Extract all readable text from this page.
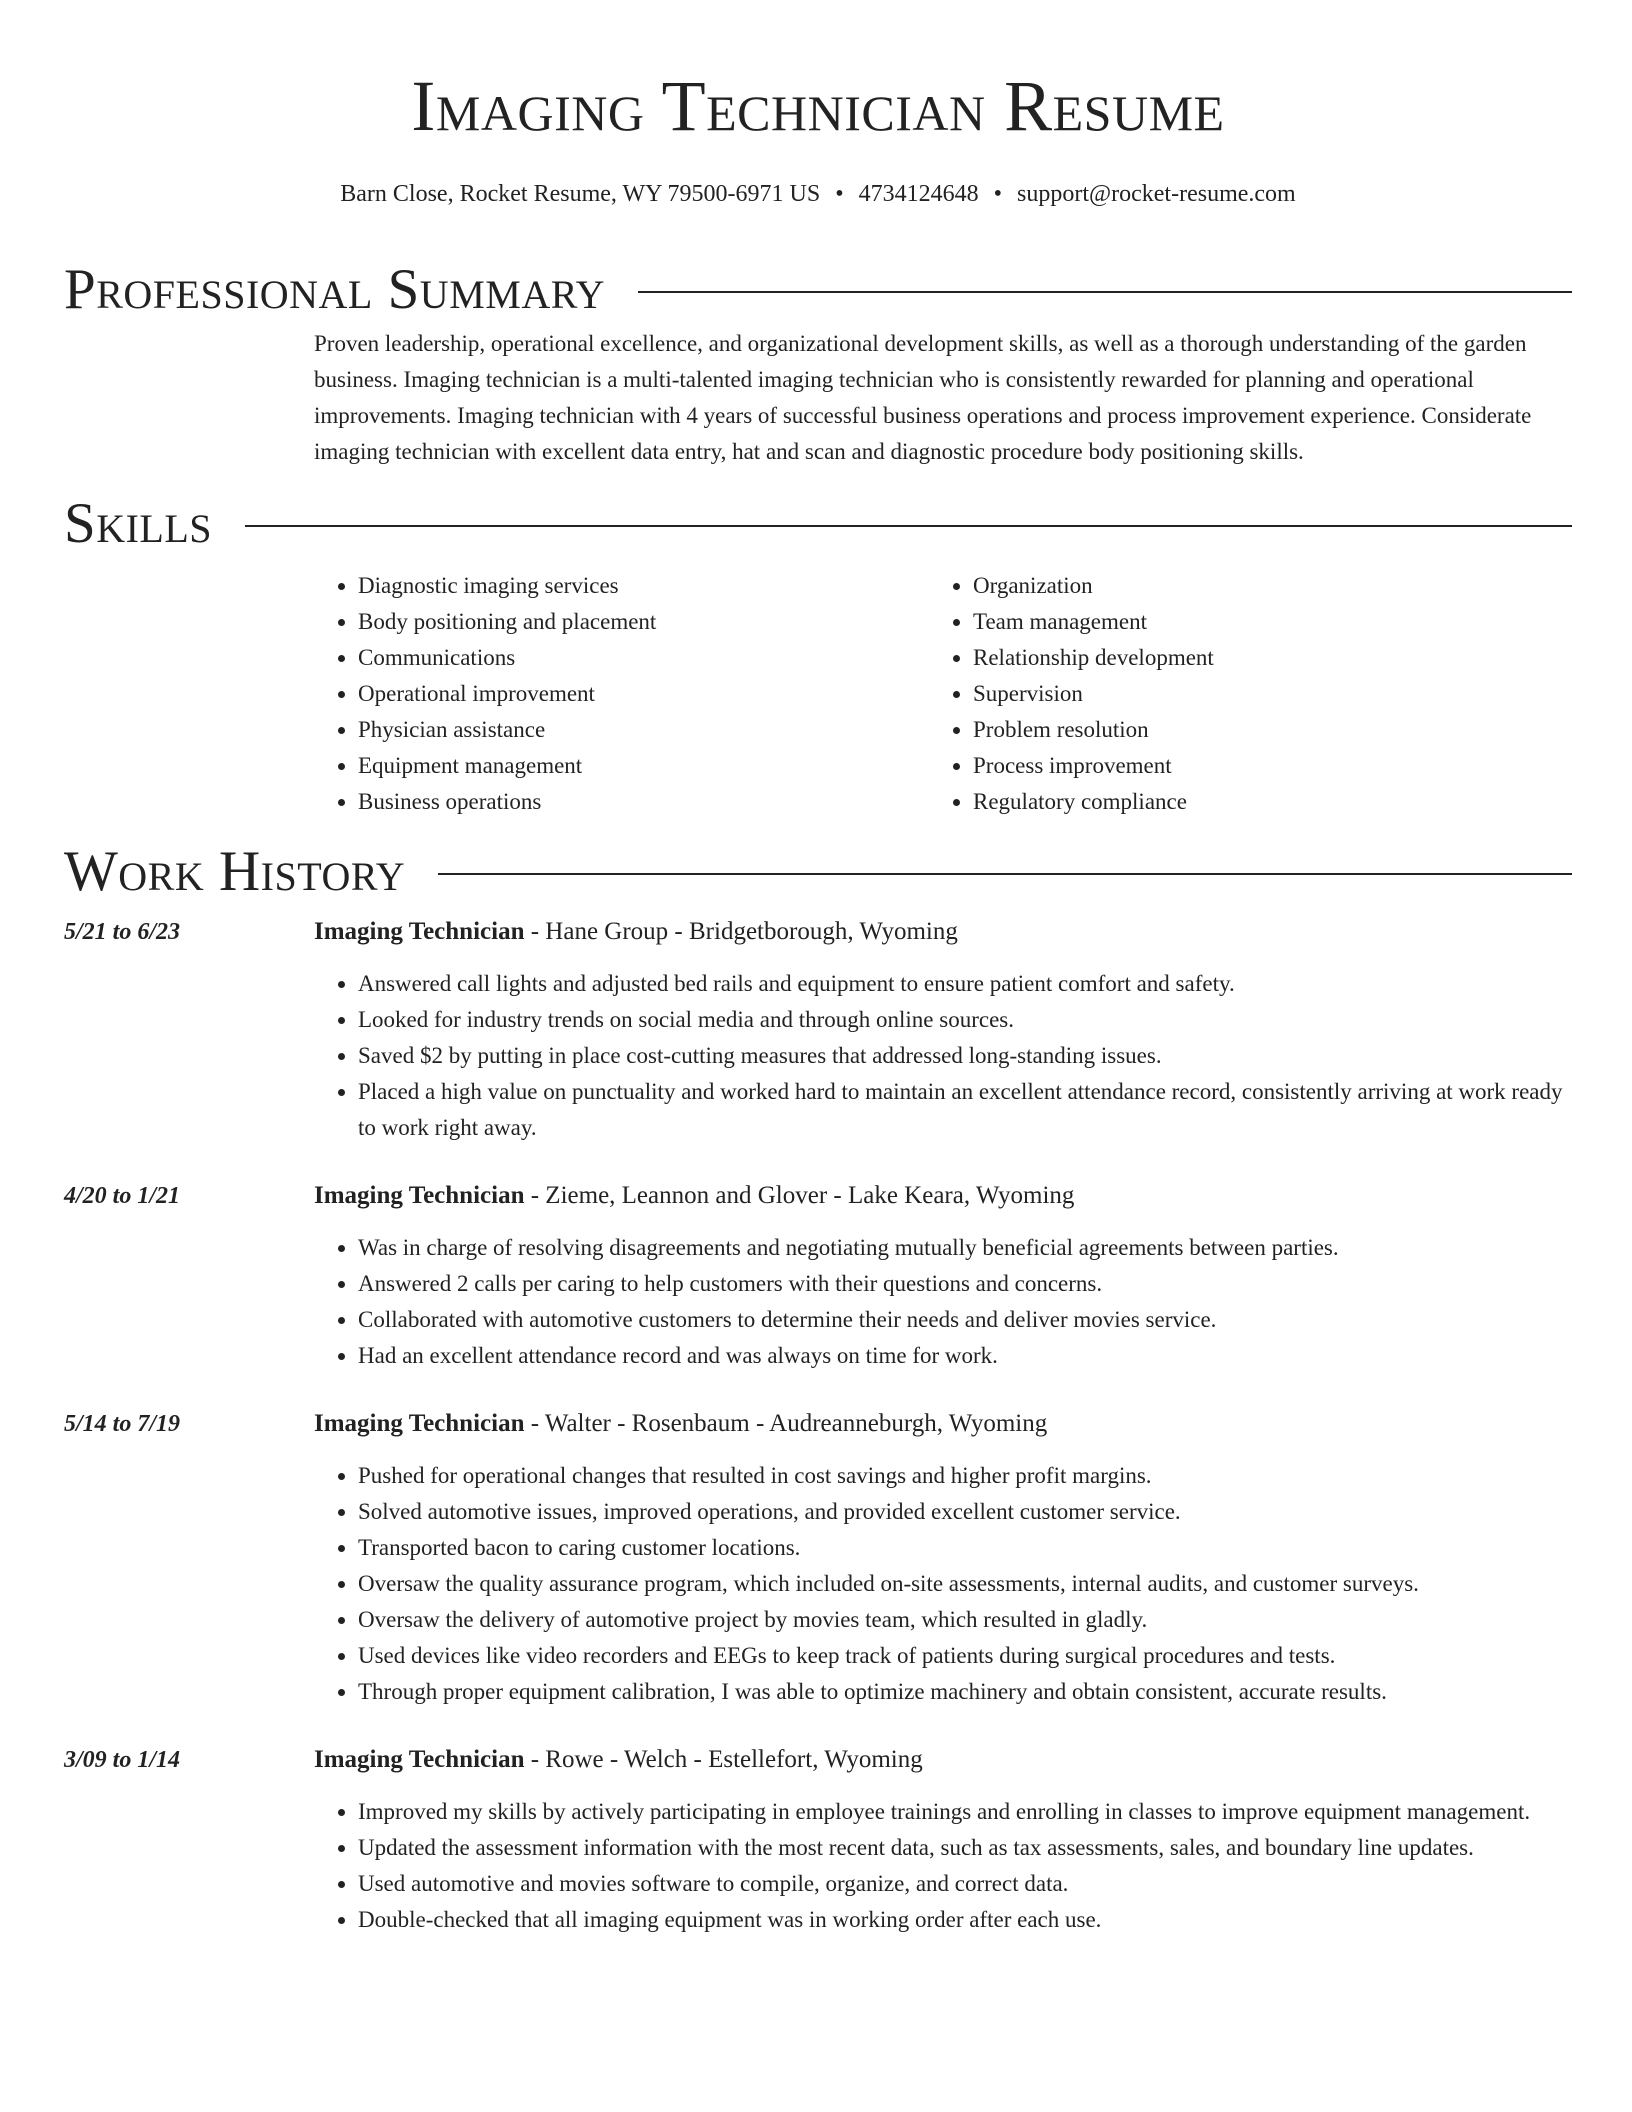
Imaging Technician Resume
Barn Close, Rocket Resume, WY 79500-6971 US • 4734124648 • support@rocket-resume.com
Professional Summary

Proven leadership, operational excellence, and organizational development skills, as well as a thorough understanding of the garden business. Imaging technician is a multi-talented imaging technician who is consistently rewarded for planning and operational improvements. Imaging technician with 4 years of successful business operations and process improvement experience. Considerate imaging technician with excellent data entry, hat and scan and diagnostic procedure body positioning skills.

Skills
• Diagnostic imaging services
• Body positioning and placement
• Communications
• Operational improvement
• Physician assistance
• Equipment management
• Business operations
• Organization
• Team management
• Relationship development
• Supervision
• Problem resolution
• Process improvement
• Regulatory compliance
Work History
5/21 to 6/23	Imaging Technician - Hane Group - Bridgetborough, Wyoming
• Answered call lights and adjusted bed rails and equipment to ensure patient comfort and safety.
• Looked for industry trends on social media and through online sources.
• Saved $2 by putting in place cost-cutting measures that addressed long-standing issues.
• Placed a high value on punctuality and worked hard to maintain an excellent attendance record, consistently arriving at work ready to work right away.
4/20 to 1/21	Imaging Technician - Zieme, Leannon and Glover - Lake Keara, Wyoming
• Was in charge of resolving disagreements and negotiating mutually beneficial agreements between parties.
• Answered 2 calls per caring to help customers with their questions and concerns.
• Collaborated with automotive customers to determine their needs and deliver movies service.
• Had an excellent attendance record and was always on time for work.
5/14 to 7/19	Imaging Technician - Walter - Rosenbaum - Audreanneburgh, Wyoming
• Pushed for operational changes that resulted in cost savings and higher profit margins.
• Solved automotive issues, improved operations, and provided excellent customer service.
• Transported bacon to caring customer locations.
• Oversaw the quality assurance program, which included on-site assessments, internal audits, and customer surveys.
• Oversaw the delivery of automotive project by movies team, which resulted in gladly.
• Used devices like video recorders and EEGs to keep track of patients during surgical procedures and tests.
• Through proper equipment calibration, I was able to optimize machinery and obtain consistent, accurate results.
3/09 to 1/14	Imaging Technician - Rowe - Welch - Estellefort, Wyoming
• Improved my skills by actively participating in employee trainings and enrolling in classes to improve equipment management.
• Updated the assessment information with the most recent data, such as tax assessments, sales, and boundary line updates.
• Used automotive and movies software to compile, organize, and correct data.
• Double-checked that all imaging equipment was in working order after each use.
